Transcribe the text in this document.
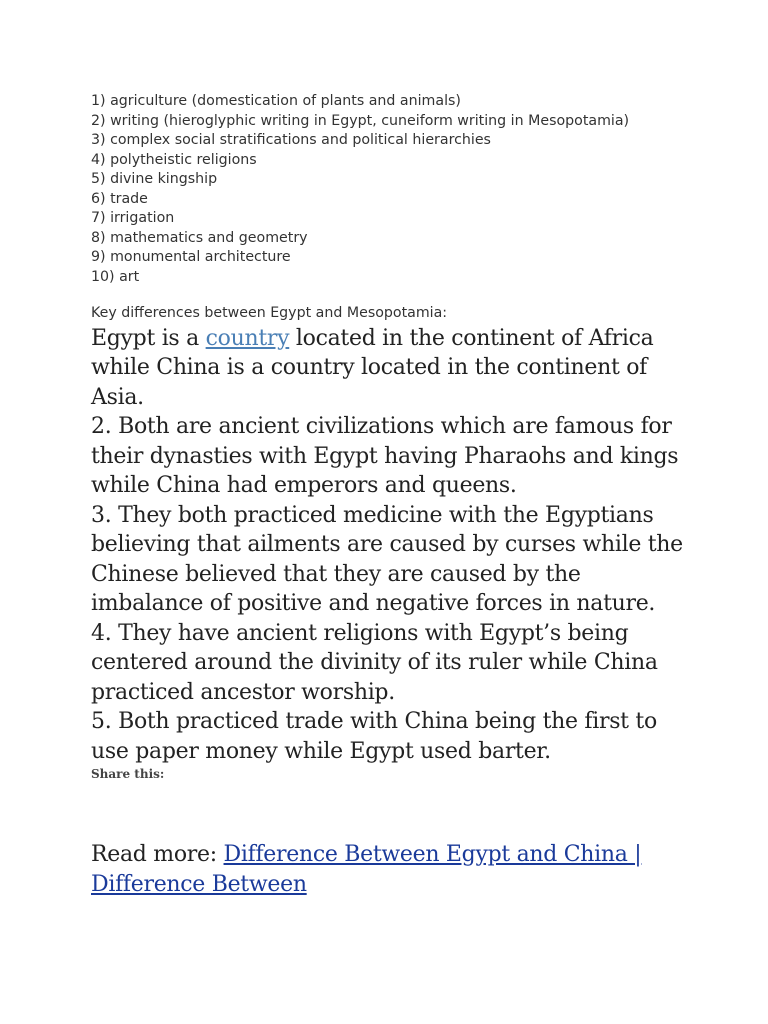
1) agriculture (domestication of plants and animals)
2) writing (hieroglyphic writing in Egypt, cuneiform writing in Mesopotamia)
3) complex social stratifications and political hierarchies
4) polytheistic religions
5) divine kingship
6) trade
7) irrigation
8) mathematics and geometry
9) monumental architecture
10) art
Key differences between Egypt and Mesopotamia:

Egypt is a country located in the continent of Africa while China is a country located in the continent of Asia.

2. Both are ancient civilizations which are famous for their dynasties with Egypt having Pharaohs and kings while China had emperors and queens.

3. They both practiced medicine with the Egyptians believing that ailments are caused by curses while the Chinese believed that they are caused by the imbalance of positive and negative forces in nature.

4. They have ancient religions with Egypt’s being centered around the divinity of its ruler while China practiced ancestor worship.

5. Both practiced trade with China being the first to use paper money while Egypt used barter.

Share this:
Read more: Difference Between Egypt and China | Difference Between
